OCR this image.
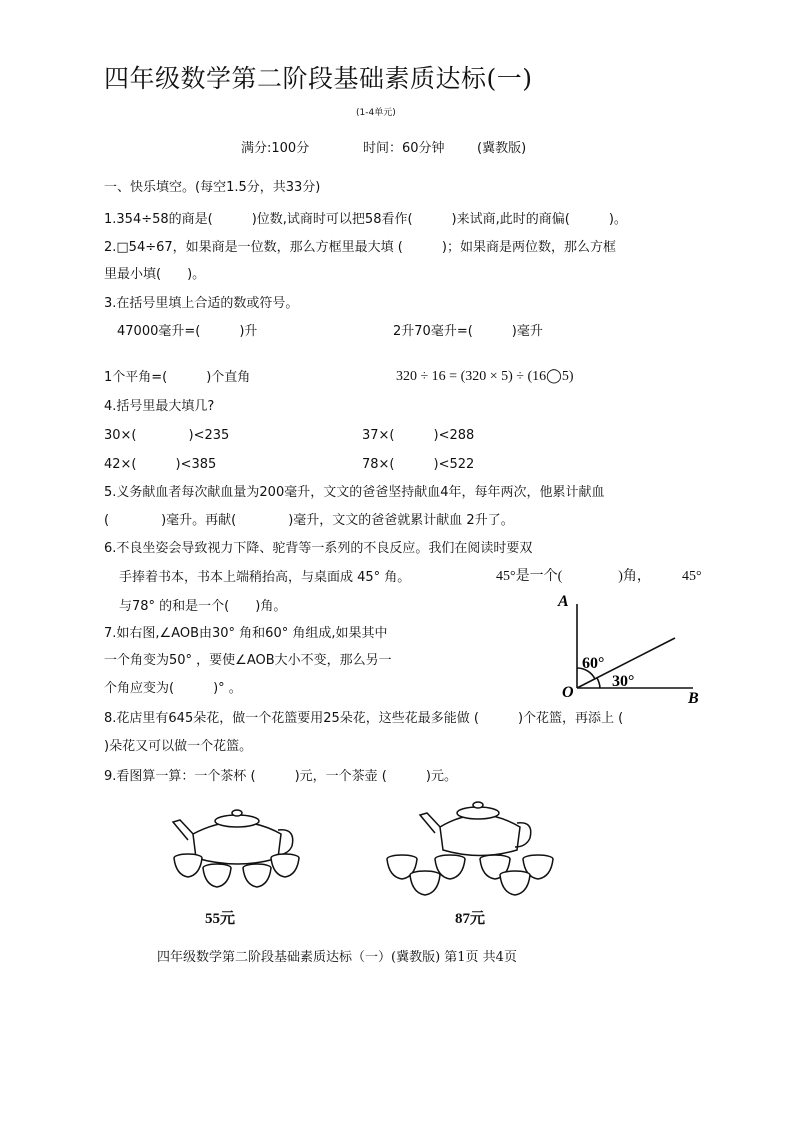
四年级数学第二阶段基础素质达标(一)
(1-4单元)
满分:100分	时间：60分钟 (冀教版)
一、快乐填空。(每空1.5分，共33分)
1.354÷58的商是(　　　)位数,试商时可以把58看作(　　　)来试商,此时的商偏(　　　)。
2.□54÷67，如果商是一位数，那么方框里最大填 (　　　)；如果商是两位数，那么方框
里最小填(　　)。
3.在括号里填上合适的数或符号。
47000毫升=(　　　)升	2升70毫升=(　　　)毫升
1个平角=(　　　)个直角	320 ÷ 16 = (320 × 5) ÷ (16◯5)
4.括号里最大填几?
30×(　　　　)<235	37×(　　　)<288
42×(　　　)<385	78×(　　　)<522
5.义务献血者每次献血量为200毫升，文文的爸爸坚持献血4年，每年两次，他累计献血
(　　　　)毫升。再献(　　　　)毫升，文文的爸爸就累计献血 2升了。
6.不良坐姿会导致视力下降、驼背等一系列的不良反应。我们在阅读时要双
手捧着书本，书本上端稍抬高，与桌面成 45° 角。	45°是一个(　　　　)角， 45°
与78° 的和是一个(　　)角。
7.如右图,∠AOB由30° 角和60° 角组成,如果其中
一个角变为50° ，要使∠AOB大小不变，那么另一
个角应变为(　　　)° 。
A
O	B
60°
30°
8.花店里有645朵花，做一个花篮要用25朵花，这些花最多能做 (　　　)个花篮，再添上 (
)朵花又可以做一个花篮。
9.看图算一算：一个茶杯 (　　　)元，一个茶壶 (　　　)元。
55元	87元
四年级数学第二阶段基础素质达标（一）(冀教版) 第1页 共4页
